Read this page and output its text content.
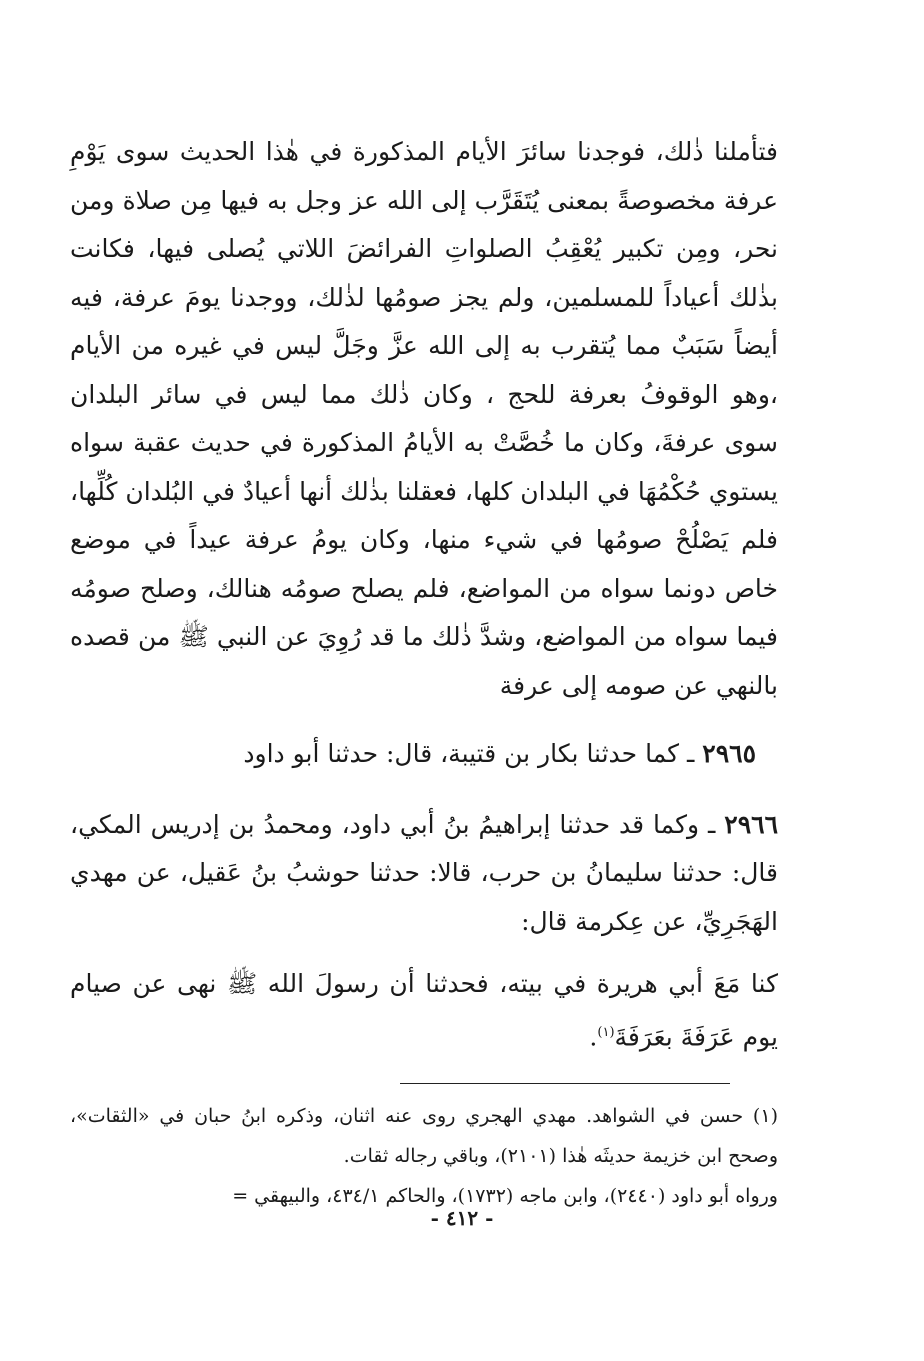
فتأملنا ذٰلك، فوجدنا سائرَ الأيام المذكورة في هٰذا الحديث سوى يَوْمِ عرفة مخصوصةً بمعنى يُتَقَرَّب إلى الله عز وجل به فيها مِن صلاة ومن نحر، ومِن تكبير يُعْقِبُ الصلواتِ الفرائضَ اللاتي يُصلى فيها، فكانت بذٰلك أعياداً للمسلمين، ولم يجز صومُها لذٰلك، ووجدنا يومَ عرفة، فيه أيضاً سَبَبٌ مما يُتقرب به إلى الله عزَّ وجَلَّ ليس في غيره من الأيام ،وهو الوقوفُ بعرفة للحج ، وكان ذٰلك مما ليس في سائر البلدان سوى عرفةَ، وكان ما خُصَّتْ به الأيامُ المذكورة في حديث عقبة سواه يستوي حُكْمُهَا في البلدان كلها، فعقلنا بذٰلك أنها أعيادٌ في البُلدان كُلِّها، فلم يَصْلُحْ صومُها في شيء منها، وكان يومُ عرفة عيداً في موضع خاص دونما سواه من المواضع، فلم يصلح صومُه هنالك، وصلح صومُه فيما سواه من المواضع، وشدَّ ذٰلك ما قد رُوِيَ عن النبي ﷺ من قصده بالنهي عن صومه إلى عرفة

٢٩٦٥ ـ كما حدثنا بكار بن قتيبة، قال: حدثنا أبو داود

٢٩٦٦ ـ وكما قد حدثنا إبراهيمُ بنُ أبي داود، ومحمدُ بن إدريس المكي، قال: حدثنا سليمانُ بن حرب، قالا: حدثنا حوشبُ بنُ عَقيل، عن مهدي الهَجَرِيِّ، عن عِكرمة قال:

كنا مَعَ أبي هريرة في بيته، فحدثنا أن رسولَ الله ﷺ نهى عن صيام يوم عَرَفَةَ بعَرَفَةَ$^{(١)}$.

(١) حسن في الشواهد. مهدي الهجري روى عنه اثنان، وذكره ابنُ حبان في «الثقات»، وصحح ابن خزيمة حديثَه هٰذا (٢١٠١)، وباقي رجاله ثقات.

ورواه أبو داود (٢٤٤٠)، وابن ماجه (١٧٣٢)، والحاكم ٤٣٤/١، والبيهقي =

- ٤١٢ -
